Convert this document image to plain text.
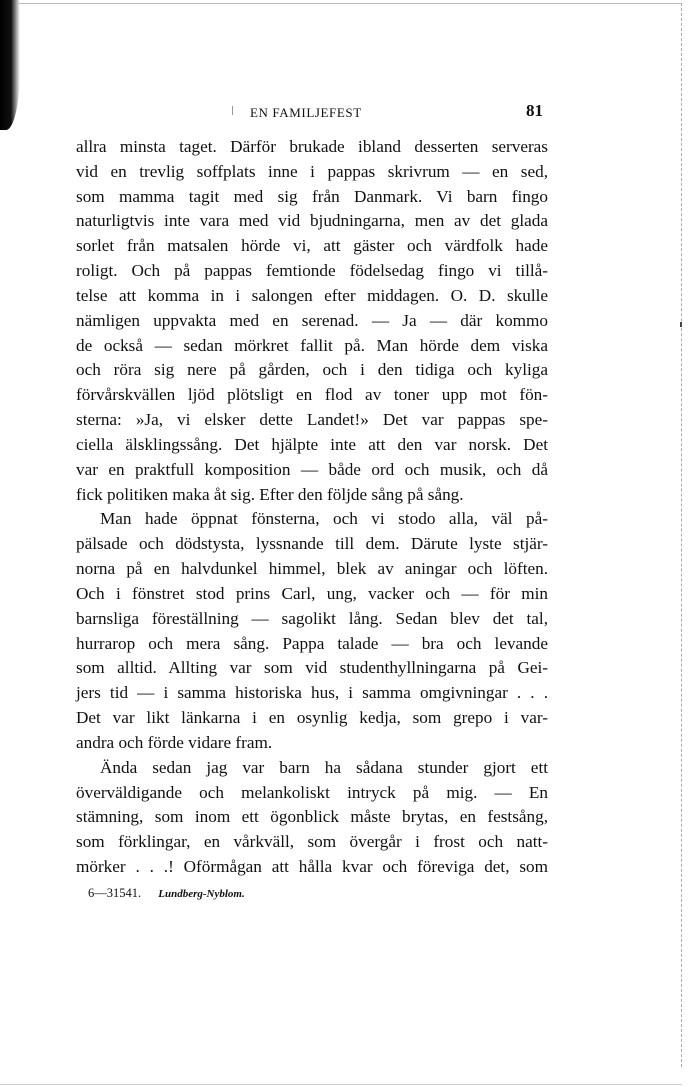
EN FAMILJEFEST	81
allra minsta taget. Därför brukade ibland desserten serveras
vid en trevlig soffplats inne i pappas skrivrum — en sed,
som mamma tagit med sig från Danmark. Vi barn fingo
naturligtvis inte vara med vid bjudningarna, men av det glada
sorlet från matsalen hörde vi, att gäster och värdfolk hade
roligt. Och på pappas femtionde födelsedag fingo vi tillå-
telse att komma in i salongen efter middagen. O. D. skulle
nämligen uppvakta med en serenad. — Ja — där kommo
de också — sedan mörkret fallit på. Man hörde dem viska
och röra sig nere på gården, och i den tidiga och kyliga
förvårskvällen ljöd plötsligt en flod av toner upp mot fön-
sterna: »Ja, vi elsker dette Landet!» Det var pappas spe-
ciella älsklingssång. Det hjälpte inte att den var norsk. Det
var en praktfull komposition — både ord och musik, och då
fick politiken maka åt sig. Efter den följde sång på sång.
Man hade öppnat fönsterna, och vi stodo alla, väl på-
pälsade och dödstysta, lyssnande till dem. Därute lyste stjär-
norna på en halvdunkel himmel, blek av aningar och löften.
Och i fönstret stod prins Carl, ung, vacker och — för min
barnsliga föreställning — sagolikt lång. Sedan blev det tal,
hurrarop och mera sång. Pappa talade — bra och levande
som alltid. Allting var som vid studenthyllningarna på Gei-
jers tid — i samma historiska hus, i samma omgivningar . . .
Det var likt länkarna i en osynlig kedja, som grepo i var-
andra och förde vidare fram.
Ända sedan jag var barn ha sådana stunder gjort ett
överväldigande och melankoliskt intryck på mig. — En
stämning, som inom ett ögonblick måste brytas, en festsång,
som förklingar, en vårkväll, som övergår i frost och natt-
mörker . . .! Oförmågan att hålla kvar och föreviga det, som
6—31541. Lundberg-Nyblom.
